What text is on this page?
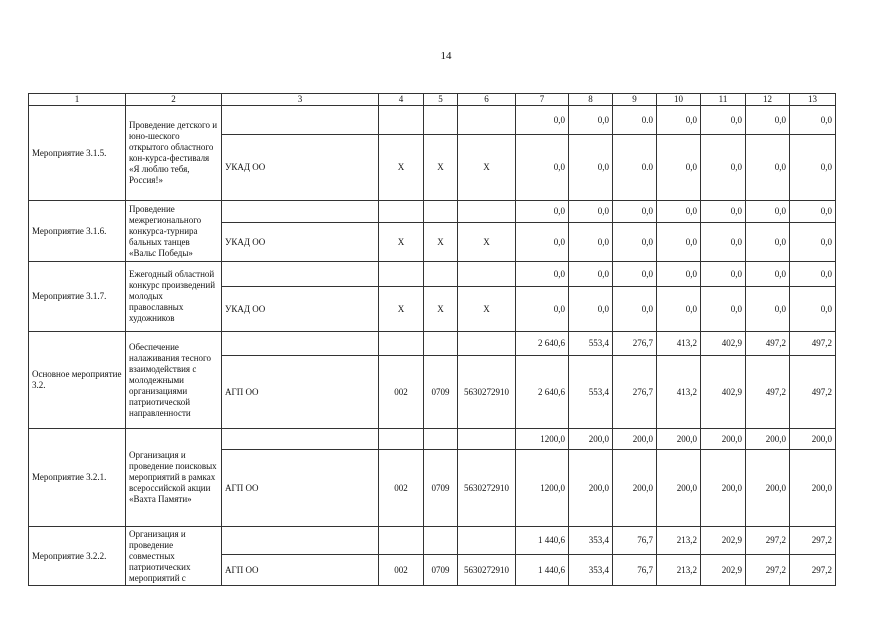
14
1	2	3	4	5	6	7	8	9	10	11	12	13
Мероприятие 3.1.5.	Проведение детского и юно-шеского открытого областного кон-курса-фестиваля «Я люблю тебя, Россия!»					0,0	0,0	0.0	0,0	0,0	0,0	0,0
		УКАД ОО	X	X	X	0,0	0,0	0.0	0,0	0,0	0,0	0,0
Мероприятие 3.1.6.	Проведение межрегионального конкурса-турнира бальных танцев «Вальс Победы»					0,0	0,0	0,0	0,0	0,0	0,0	0,0
		УКАД ОО	X	X	X	0,0	0,0	0,0	0,0	0,0	0,0	0,0
Мероприятие 3.1.7.	Ежегодный областной конкурс произведений молодых православных художников					0,0	0,0	0,0	0,0	0,0	0,0	0,0
		УКАД ОО	X	X	X	0,0	0,0	0,0	0,0	0,0	0,0	0,0
Основное мероприятие 3.2.	Обеспечение налаживания тесного взаимодействия с молодежными организациями патриотической направленности					2 640,6	553,4	276,7	413,2	402,9	497,2	497,2
		АГП ОО	002	0709	5630272910	2 640,6	553,4	276,7	413,2	402,9	497,2	497,2
Мероприятие 3.2.1.	Организация и проведение поисковых мероприятий в рамках всероссийской акции «Вахта Памяти»					1200,0	200,0	200,0	200,0	200,0	200,0	200,0
		АГП ОО	002	0709	5630272910	1200,0	200,0	200,0	200,0	200,0	200,0	200,0
Мероприятие 3.2.2.	Организация и проведение совместных патриотических мероприятий с					1 440,6	353,4	76,7	213,2	202,9	297,2	297,2
		АГП ОО	002	0709	5630272910	1 440,6	353,4	76,7	213,2	202,9	297,2	297,2
